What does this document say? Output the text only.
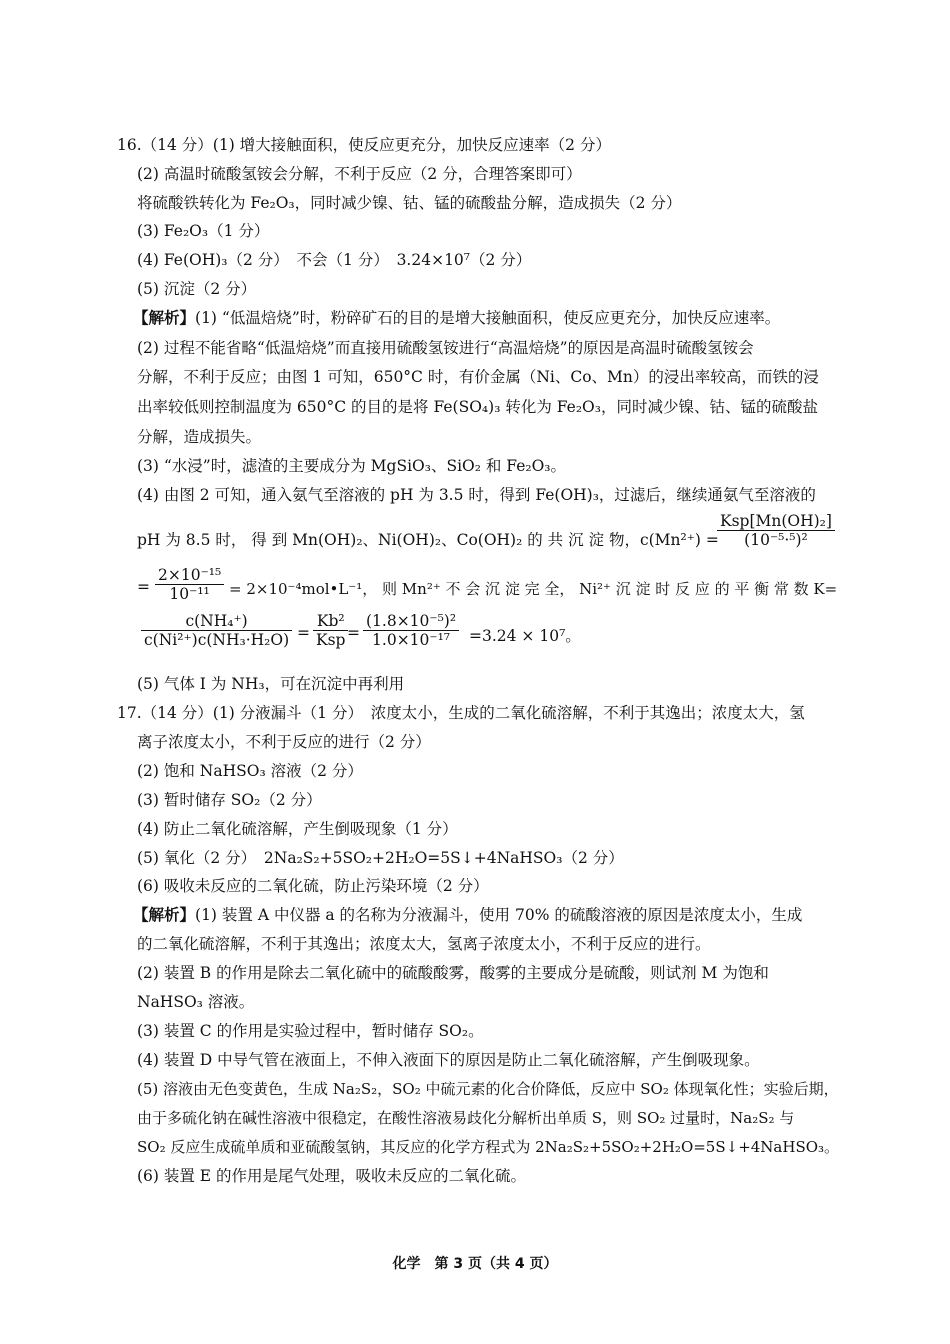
16.（14 分）(1) 增大接触面积，使反应更充分，加快反应速率（2 分）
(2) 高温时硫酸氢铵会分解，不利于反应（2 分，合理答案即可）
将硫酸铁转化为 Fe₂O₃，同时减少镍、钴、锰的硫酸盐分解，造成损失（2 分）
(3) Fe₂O₃（1 分）
(4) Fe(OH)₃（2 分）　不会（1 分）　3.24×10⁷（2 分）
(5) 沉淀（2 分）
【解析】(1) “低温焙烧”时，粉碎矿石的目的是增大接触面积，使反应更充分，加快反应速率。
(2) 过程不能省略“低温焙烧”而直接用硫酸氢铵进行“高温焙烧”的原因是高温时硫酸氢铵会
分解，不利于反应；由图 1 可知，650°C 时，有价金属（Ni、Co、Mn）的浸出率较高，而铁的浸
出率较低则控制温度为 650°C 的目的是将 Fe(SO₄)₃ 转化为 Fe₂O₃，同时减少镍、钴、锰的硫酸盐
分解，造成损失。
(3) “水浸”时，滤渣的主要成分为 MgSiO₃、SiO₂ 和 Fe₂O₃。
(4) 由图 2 可知，通入氨气至溶液的 pH 为 3.5 时，得到 Fe(OH)₃，过滤后，继续通氨气至溶液的
pH 为 8.5 时， 得 到 Mn(OH)₂、Ni(OH)₂、Co(OH)₂ 的 共 沉 淀 物，c(Mn²⁺) =
Ksp[Mn(OH)₂]
(10⁻⁵·⁵)²
= $\frac{\text{2×10⁻¹⁵}}{\text{10⁻¹¹}}$ = 2×10⁻⁴mol•L⁻¹， 则 Mn²⁺ 不 会 沉 淀 完 全， Ni²⁺ 沉 淀 时 反 应 的 平 衡 常 数 K=
$\frac{\text{c(NH₄⁺)}}{\text{c(Ni²⁺)c(NH₃·H₂O)}}$ =
Kb²
Ksp = $\frac{\text{(1.8×10⁻⁵)²}}{\text{1.0×10⁻¹⁷}} =3.24 \times 10^7$。
(5) 气体 I 为 NH₃，可在沉淀中再利用
17.（14 分）(1) 分液漏斗（1 分）　浓度太小，生成的二氧化硫溶解，不利于其逸出；浓度太大，氢
离子浓度太小，不利于反应的进行（2 分）
(2) 饱和 NaHSO₃ 溶液（2 分）
(3) 暂时储存 SO₂（2 分）
(4) 防止二氧化硫溶解，产生倒吸现象（1 分）
(5) 氧化（2 分）　2Na₂S₂+5SO₂+2H₂O=5S↓+4NaHSO₃（2 分）
(6) 吸收未反应的二氧化硫，防止污染环境（2 分）
【解析】(1) 装置 A 中仪器 a 的名称为分液漏斗，使用 70% 的硫酸溶液的原因是浓度太小，生成
的二氧化硫溶解，不利于其逸出；浓度太大，氢离子浓度太小，不利于反应的进行。
(2) 装置 B 的作用是除去二氧化硫中的硫酸酸雾，酸雾的主要成分是硫酸，则试剂 M 为饱和
NaHSO₃ 溶液。
(3) 装置 C 的作用是实验过程中，暂时储存 SO₂。
(4) 装置 D 中导气管在液面上，不伸入液面下的原因是防止二氧化硫溶解，产生倒吸现象。
(5) 溶液由无色变黄色，生成 Na₂S₂，SO₂ 中硫元素的化合价降低，反应中 SO₂ 体现氧化性；实验后期，
由于多硫化钠在碱性溶液中很稳定，在酸性溶液易歧化分解析出单质 S，则 SO₂ 过量时，Na₂S₂ 与
SO₂ 反应生成硫单质和亚硫酸氢钠，其反应的化学方程式为 2Na₂S₂+5SO₂+2H₂O=5S↓+4NaHSO₃。
(6) 装置 E 的作用是尾气处理，吸收未反应的二氧化硫。
化学　第 3 页（共 4 页）
